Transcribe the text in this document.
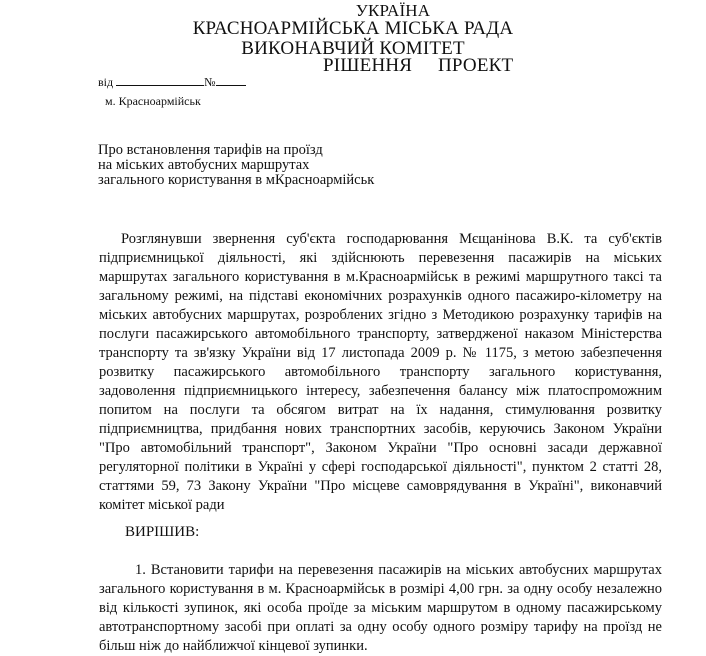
УКРАЇНА
КРАСНОАРМІЙСЬКА МІСЬКА РАДА
ВИКОНАВЧИЙ КОМІТЕТ
РІШЕННЯ ПРОЕКТ
від	№
м. Красноармійськ
Про встановлення тарифів на проїзд
на міських автобусних маршрутах
загального користування в мКрасноармійськ
Розглянувши звернення суб'єкта господарювання Мєщанінова В.К. та суб'єктів
підприємницької діяльності, які здійснюють перевезення пасажирів на міських
маршрутах загального користування в м.Красноармійськ в режимі маршрутного таксі та
загальному режимі, на підставі економічних розрахунків одного пасажиро-кілометру на
міських автобусних маршрутах, розроблених згідно з Методикою розрахунку тарифів на
послуги пасажирського автомобільного транспорту, затвердженої наказом Міністерства
транспорту та зв'язку України від 17 листопада 2009 р. № 1175, з метою забезпечення
розвитку пасажирського автомобільного транспорту загального користування,
задоволення підприємницького інтересу, забезпечення балансу між платоспроможним
попитом на послуги та обсягом витрат на їх надання, стимулювання розвитку
підприємництва, придбання нових транспортних засобів, керуючись Законом України
"Про автомобільний транспорт", Законом України "Про основні засади державної
регуляторної політики в Україні у сфері господарської діяльності", пунктом 2 статті 28,
статтями 59, 73 Закону України "Про місцеве самоврядування в Україні", виконавчий
комітет міської ради
ВИРІШИВ:
1. Встановити тарифи на перевезення пасажирів на міських автобусних маршрутах
загального користування в м. Красноармійськ в розмірі 4,00 грн. за одну особу незалежно
від кількості зупинок, які особа проїде за міським маршрутом в одному пасажирському
автотранспортному засобі при оплаті за одну особу одного розміру тарифу на проїзд не
більш ніж до найближчої кінцевої зупинки.
